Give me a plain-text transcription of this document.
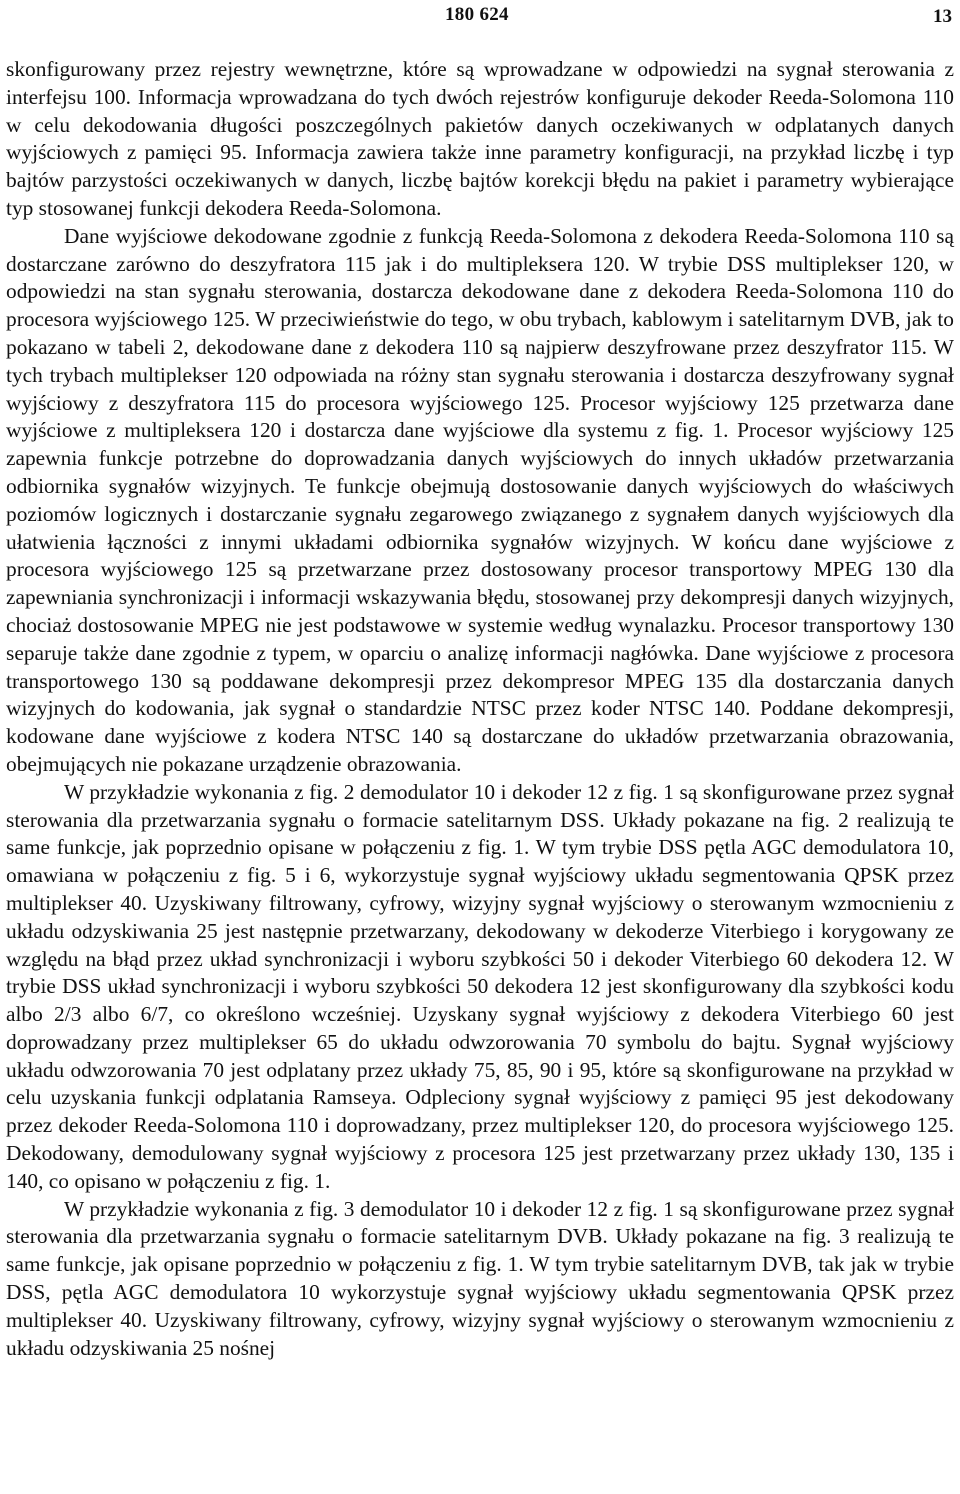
180 624	13

skonfigurowany przez rejestry wewnętrzne, które są wprowadzane w odpowiedzi na sygnał sterowania z interfejsu 100. Informacja wprowadzana do tych dwóch rejestrów konfiguruje dekoder Reeda-Solomona 110 w celu dekodowania długości poszczególnych pakietów danych oczekiwanych w odplatanych danych wyjściowych z pamięci 95. Informacja zawiera także inne parametry konfiguracji, na przykład liczbę i typ bajtów parzystości oczekiwanych w danych, liczbę bajtów korekcji błędu na pakiet i parametry wybierające typ stosowanej funkcji dekodera Reeda-Solomona.

Dane wyjściowe dekodowane zgodnie z funkcją Reeda-Solomona z dekodera Reeda-Solomona 110 są dostarczane zarówno do deszyfratora 115 jak i do multipleksera 120. W trybie DSS multiplekser 120, w odpowiedzi na stan sygnału sterowania, dostarcza dekodowane dane z dekodera Reeda-Solomona 110 do procesora wyjściowego 125. W przeciwieństwie do tego, w obu trybach, kablowym i satelitarnym DVB, jak to pokazano w tabeli 2, dekodowane dane z dekodera 110 są najpierw deszyfrowane przez deszyfrator 115. W tych trybach multiplekser 120 odpowiada na różny stan sygnału sterowania i dostarcza deszyfrowany sygnał wyjściowy z deszyfratora 115 do procesora wyjściowego 125. Procesor wyjściowy 125 przetwarza dane wyjściowe z multipleksera 120 i dostarcza dane wyjściowe dla systemu z fig. 1. Procesor wyjściowy 125 zapewnia funkcje potrzebne do doprowadzania danych wyjściowych do innych układów przetwarzania odbiornika sygnałów wizyjnych. Te funkcje obejmują dostosowanie danych wyjściowych do właściwych poziomów logicznych i dostarczanie sygnału zegarowego związanego z sygnałem danych wyjściowych dla ułatwienia łączności z innymi układami odbiornika sygnałów wizyjnych. W końcu dane wyjściowe z procesora wyjściowego 125 są przetwarzane przez dostosowany procesor transportowy MPEG 130 dla zapewniania synchronizacji i informacji wskazywania błędu, stosowanej przy dekompresji danych wizyjnych, chociaż dostosowanie MPEG nie jest podstawowe w systemie według wynalazku. Procesor transportowy 130 separuje także dane zgodnie z typem, w oparciu o analizę informacji nagłówka. Dane wyjściowe z procesora transportowego 130 są poddawane dekompresji przez dekompresor MPEG 135 dla dostarczania danych wizyjnych do kodowania, jak sygnał o standardzie NTSC przez koder NTSC 140. Poddane dekompresji, kodowane dane wyjściowe z kodera NTSC 140 są dostarczane do układów przetwarzania obrazowania, obejmujących nie pokazane urządzenie obrazowania.

W przykładzie wykonania z fig. 2 demodulator 10 i dekoder 12 z fig. 1 są skonfigurowane przez sygnał sterowania dla przetwarzania sygnału o formacie satelitarnym DSS. Układy pokazane na fig. 2 realizują te same funkcje, jak poprzednio opisane w połączeniu z fig. 1. W tym trybie DSS pętla AGC demodulatora 10, omawiana w połączeniu z fig. 5 i 6, wykorzystuje sygnał wyjściowy układu segmentowania QPSK przez multiplekser 40. Uzyskiwany filtrowany, cyfrowy, wizyjny sygnał wyjściowy o sterowanym wzmocnieniu z układu odzyskiwania 25 jest następnie przetwarzany, dekodowany w dekoderze Viterbiego i korygowany ze względu na błąd przez układ synchronizacji i wyboru szybkości 50 i dekoder Viterbiego 60 dekodera 12. W trybie DSS układ synchronizacji i wyboru szybkości 50 dekodera 12 jest skonfigurowany dla szybkości kodu albo 2/3 albo 6/7, co określono wcześniej. Uzyskany sygnał wyjściowy z dekodera Viterbiego 60 jest doprowadzany przez multiplekser 65 do układu odwzorowania 70 symbolu do bajtu. Sygnał wyjściowy układu odwzorowania 70 jest odplatany przez układy 75, 85, 90 i 95, które są skonfigurowane na przykład w celu uzyskania funkcji odplatania Ramseya. Odpleciony sygnał wyjściowy z pamięci 95 jest dekodowany przez dekoder Reeda-Solomona 110 i doprowadzany, przez multiplekser 120, do procesora wyjściowego 125. Dekodowany, demodulowany sygnał wyjściowy z procesora 125 jest przetwarzany przez układy 130, 135 i 140, co opisano w połączeniu z fig. 1.

W przykładzie wykonania z fig. 3 demodulator 10 i dekoder 12 z fig. 1 są skonfigurowane przez sygnał sterowania dla przetwarzania sygnału o formacie satelitarnym DVB. Układy pokazane na fig. 3 realizują te same funkcje, jak opisane poprzednio w połączeniu z fig. 1. W tym trybie satelitarnym DVB, tak jak w trybie DSS, pętla AGC demodulatora 10 wykorzystuje sygnał wyjściowy układu segmentowania QPSK przez multiplekser 40. Uzyskiwany filtrowany, cyfrowy, wizyjny sygnał wyjściowy o sterowanym wzmocnieniu z układu odzyskiwania 25 nośnej
